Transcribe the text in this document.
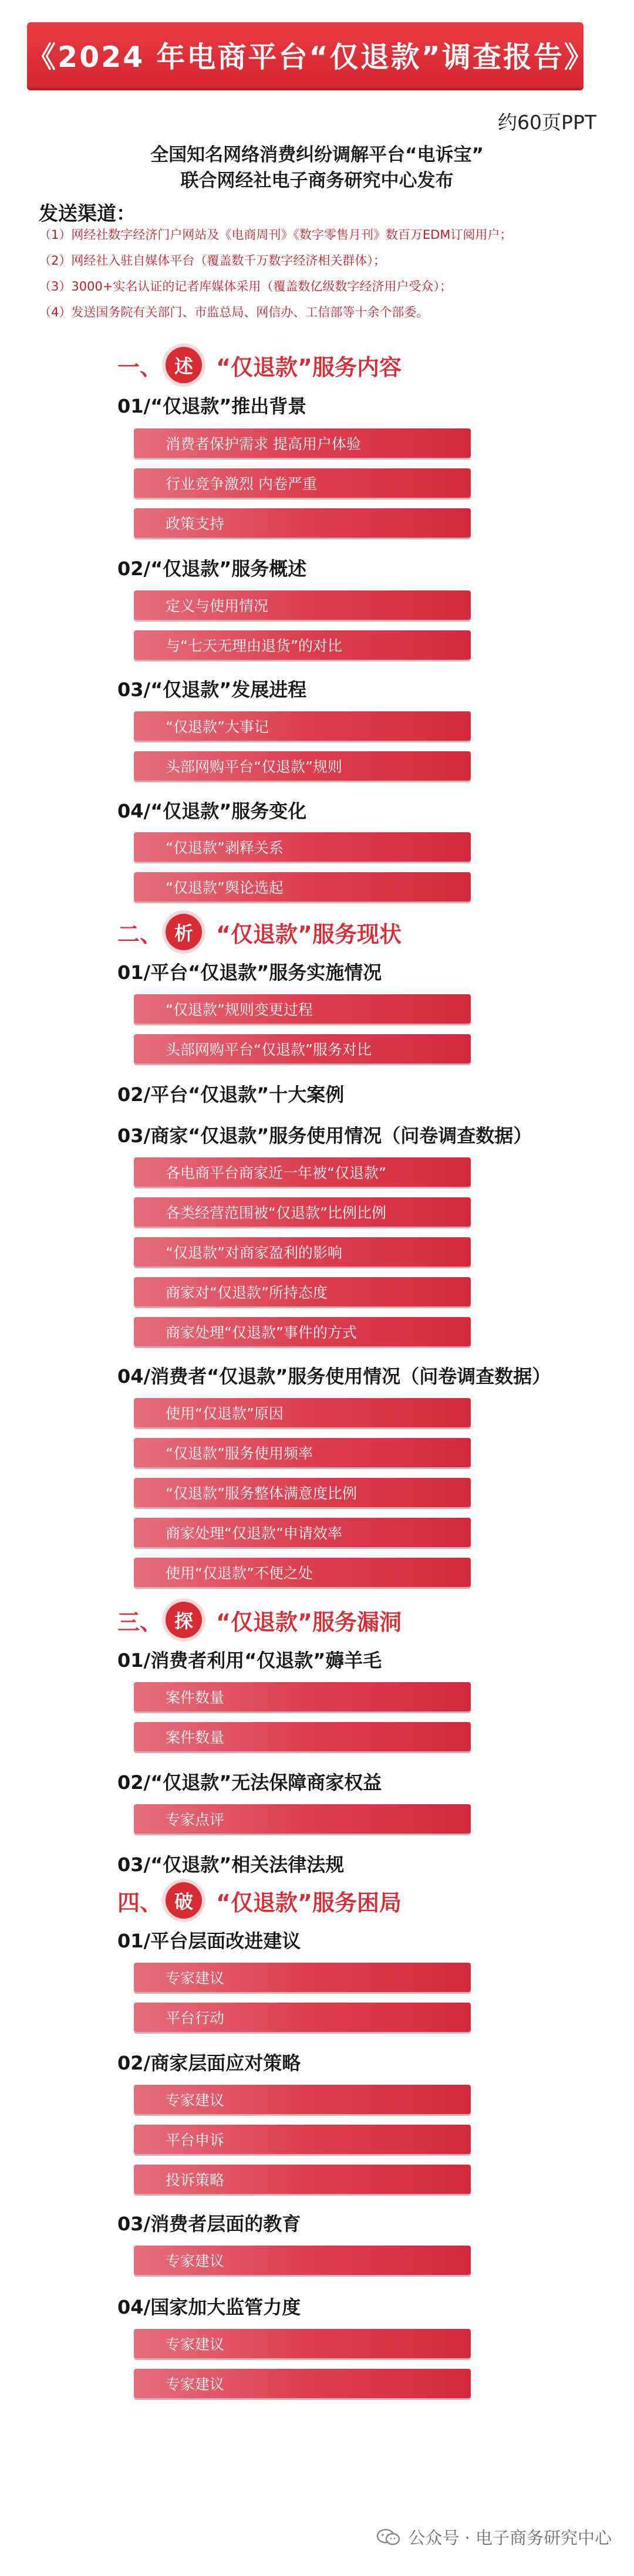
《2024 年电商平台“仅退款”调查报告》
约60页PPT
全国知名网络消费纠纷调解平台“电诉宝”
联合网经社电子商务研究中心发布
发送渠道：
（1）网经社数字经济门户网站及《电商周刊》《数字零售月刊》数百万EDM订阅用户；
（2）网经社入驻自媒体平台（覆盖数千万数字经济相关群体）；
（3）3000+实名认证的记者库媒体采用（覆盖数亿级数字经济用户受众）；
（4）发送国务院有关部门、市监总局、网信办、工信部等十余个部委。
一、 述	“仅退款”服务内容
01/“仅退款”推出背景
消费者保护需求 提高用户体验
行业竞争激烈 内卷严重
政策支持
02/“仅退款”服务概述
定义与使用情况
与“七天无理由退货”的对比
03/“仅退款”发展进程
“仅退款”大事记
头部网购平台“仅退款”规则
04/“仅退款”服务变化
“仅退款”剥释关系
“仅退款”舆论选起
二、 析	“仅退款”服务现状
01/平台“仅退款”服务实施情况
“仅退款”规则变更过程
头部网购平台“仅退款”服务对比
02/平台“仅退款”十大案例
03/商家“仅退款”服务使用情况（问卷调查数据）
各电商平台商家近一年被“仅退款”
各类经营范围被“仅退款”比例比例
“仅退款”对商家盈利的影响
商家对“仅退款”所持态度
商家处理“仅退款”事件的方式
04/消费者“仅退款”服务使用情况（问卷调查数据）
使用“仅退款”原因
“仅退款”服务使用频率
“仅退款”服务整体满意度比例
商家处理“仅退款”申请效率
使用“仅退款”不便之处
三、 探	“仅退款”服务漏洞
01/消费者利用“仅退款”薅羊毛
案件数量
案件数量
02/“仅退款”无法保障商家权益
专家点评
03/“仅退款”相关法律法规
四、 破	“仅退款”服务困局
01/平台层面改进建议
专家建议
平台行动
02/商家层面应对策略
专家建议
平台申诉
投诉策略
03/消费者层面的教育
专家建议
04/国家加大监管力度
专家建议
专家建议
公众号 · 电子商务研究中心
